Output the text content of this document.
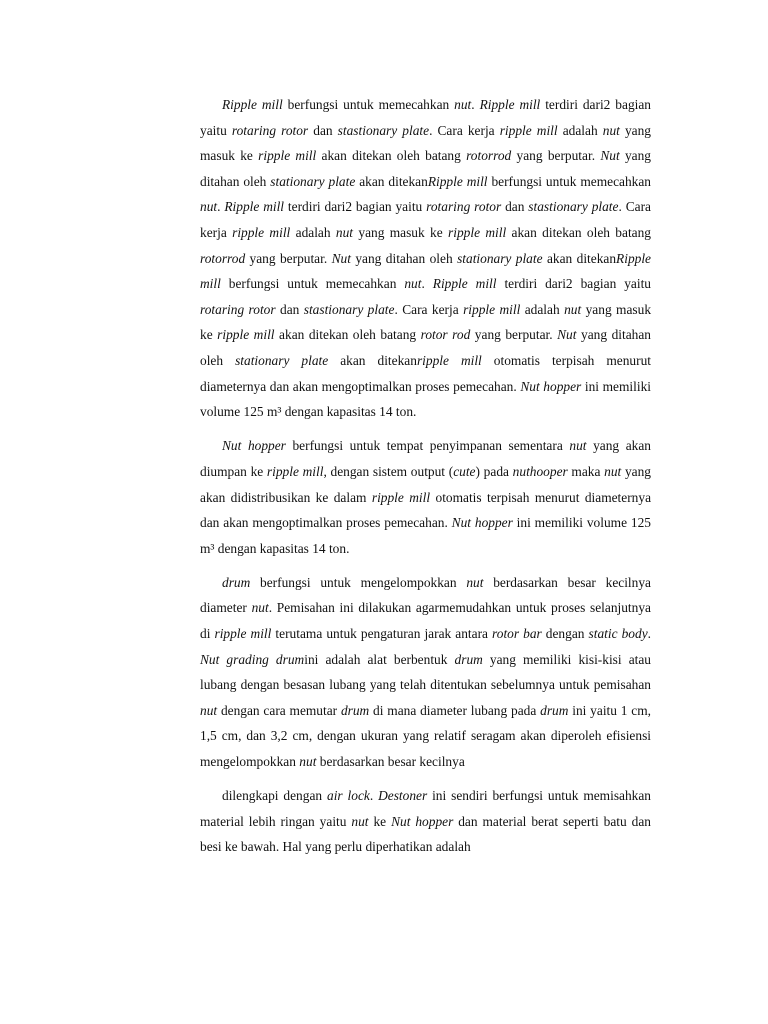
Ripple mill berfungsi untuk memecahkan nut. Ripple mill terdiri dari2 bagian yaitu rotaring rotor dan stastionary plate. Cara kerja ripple mill adalah nut yang masuk ke ripple mill akan ditekan oleh batang rotorrod yang berputar. Nut yang ditahan oleh stationary plate akan ditekanRipple mill berfungsi untuk memecahkan nut. Ripple mill terdiri dari2 bagian yaitu rotaring rotor dan stastionary plate. Cara kerja ripple mill adalah nut yang masuk ke ripple mill akan ditekan oleh batang rotorrod yang berputar. Nut yang ditahan oleh stationary plate akan ditekanRipple mill berfungsi untuk memecahkan nut. Ripple mill terdiri dari2 bagian yaitu rotaring rotor dan stastionary plate. Cara kerja ripple mill adalah nut yang masuk ke ripple mill akan ditekan oleh batang rotor rod yang berputar. Nut yang ditahan oleh stationary plate akan ditekanripple mill otomatis terpisah menurut diameternya dan akan mengoptimalkan proses pemecahan. Nut hopper ini memiliki volume 125 m³ dengan kapasitas 14 ton.

Nut hopper berfungsi untuk tempat penyimpanan sementara nut yang akan diumpan ke ripple mill, dengan sistem output (cute) pada nuthooper maka nut yang akan didistribusikan ke dalam ripple mill otomatis terpisah menurut diameternya dan akan mengoptimalkan proses pemecahan. Nut hopper ini memiliki volume 125 m³ dengan kapasitas 14 ton.

drum berfungsi untuk mengelompokkan nut berdasarkan besar kecilnya diameter nut. Pemisahan ini dilakukan agarmemudahkan untuk proses selanjutnya di ripple mill terutama untuk pengaturan jarak antara rotor bar dengan static body. Nut grading drumini adalah alat berbentuk drum yang memiliki kisi-kisi atau lubang dengan besasan lubang yang telah ditentukan sebelumnya untuk pemisahan nut dengan cara memutar drum di mana diameter lubang pada drum ini yaitu 1 cm, 1,5 cm, dan 3,2 cm, dengan ukuran yang relatif seragam akan diperoleh efisiensi mengelompokkan nut berdasarkan besar kecilnya

dilengkapi dengan air lock. Destoner ini sendiri berfungsi untuk memisahkan material lebih ringan yaitu nut ke Nut hopper dan material berat seperti batu dan besi ke bawah. Hal yang perlu diperhatikan adalah
